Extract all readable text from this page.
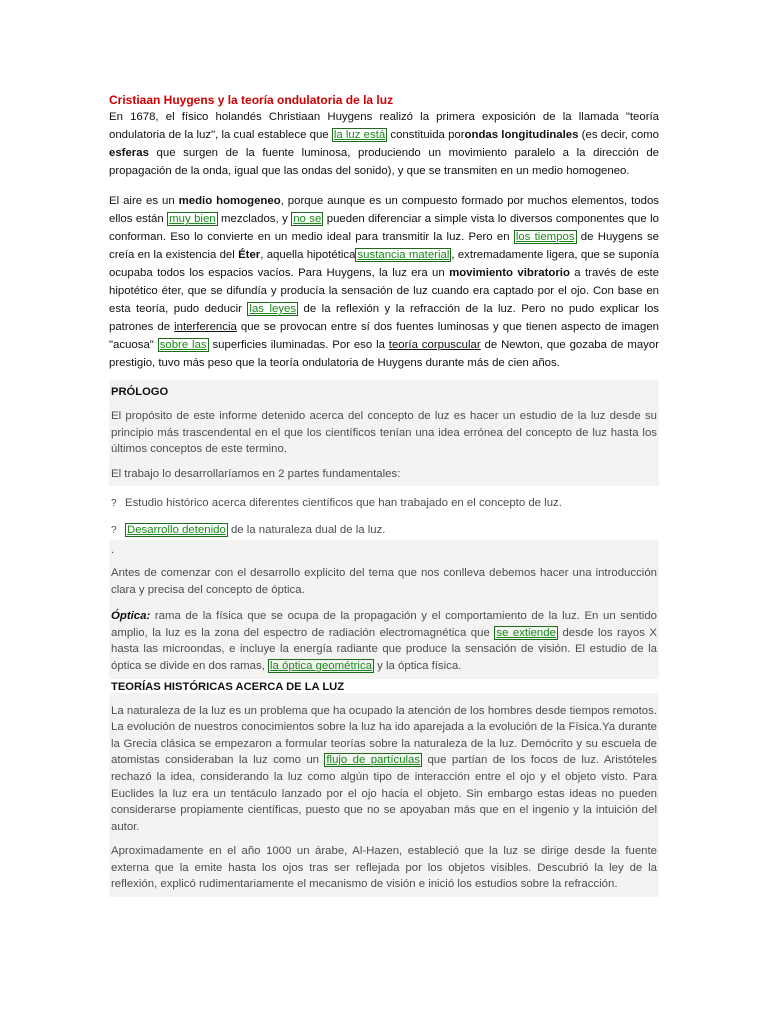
Cristiaan Huygens y la teoría ondulatoria de la luz

En 1678, el físico holandés Christiaan Huygens realizó la primera exposición de la llamada "teoría ondulatoria de la luz", la cual establece que la luz está constituida porondas longitudinales (es decir, como esferas que surgen de la fuente luminosa, produciendo un movimiento paralelo a la dirección de propagación de la onda, igual que las ondas del sonido), y que se transmiten en un medio homogeneo.

El aire es un medio homogeneo, porque aunque es un compuesto formado por muchos elementos, todos ellos están muy bien mezclados, y no se pueden diferenciar a simple vista lo diversos componentes que lo conforman. Eso lo convierte en un medio ideal para transmitir la luz. Pero en los tiempos de Huygens se creía en la existencia del Éter, aquella hipotética sustancia material , extremadamente ligera, que se suponía ocupaba todos los espacios vacíos. Para Huygens, la luz era un movimiento vibratorio a través de este hipotético éter, que se difundía y producía la sensación de luz cuando era captado por el ojo. Con base en esta teoría, pudo deducir las leyes de la reflexión y la refracción de la luz. Pero no pudo explicar los patrones de interferencia que se provocan entre sí dos fuentes luminosas y que tienen aspecto de imagen "acuosa" sobre las superficies iluminadas. Por eso la teoría corpuscular de Newton, que gozaba de mayor prestigio, tuvo más peso que la teoría ondulatoria de Huygens durante más de cien años.

PRÓLOGO

El propósito de este informe detenido acerca del concepto de luz es hacer un estudio de la luz desde su principio más trascendental en el que los científicos tenían una idea errónea del concepto de luz hasta los últimos conceptos de este termino.

El trabajo lo desarrollaríamos en 2 partes fundamentales:

? Estudio histórico acerca diferentes científicos que han trabajado en el concepto de luz.

? Desarrollo detenido de la naturaleza dual de la luz.

.

Antes de comenzar con el desarrollo explicito del tema que nos conlleva debemos hacer una introducción clara y precisa del concepto de óptica.

Óptica: rama de la física que se ocupa de la propagación y el comportamiento de la luz. En un sentido amplio, la luz es la zona del espectro de radiación electromagnética que se extiende desde los rayos X hasta las microondas, e incluye la energía radiante que produce la sensación de visión. El estudio de la óptica se divide en dos ramas, la óptica geométrica y la óptica física.

TEORÍAS HISTÓRICAS ACERCA DE LA LUZ

La naturaleza de la luz es un problema que ha ocupado la atención de los hombres desde tiempos remotos. La evolución de nuestros conocimientos sobre la luz ha ido aparejada a la evolución de la Física.Ya durante la Grecia clásica se empezaron a formular teorías sobre la naturaleza de la luz. Demócrito y su escuela de atomistas consideraban la luz como un flujo de partículas que partían de los focos de luz. Aristóteles rechazó la idea, considerando la luz como algún tipo de interacción entre el ojo y el objeto visto. Para Euclides la luz era un tentáculo lanzado por el ojo hacia el objeto. Sin embargo estas ideas no pueden considerarse propiamente científicas, puesto que no se apoyaban más que en el ingenio y la intuición del autor.

Aproximadamente en el año 1000 un árabe, Al-Hazen, estableció que la luz se dirige desde la fuente externa que la emite hasta los ojos tras ser reflejada por los objetos visibles. Descubrió la ley de la reflexión, explicó rudimentariamente el mecanismo de visión e inició los estudios sobre la refracción.
